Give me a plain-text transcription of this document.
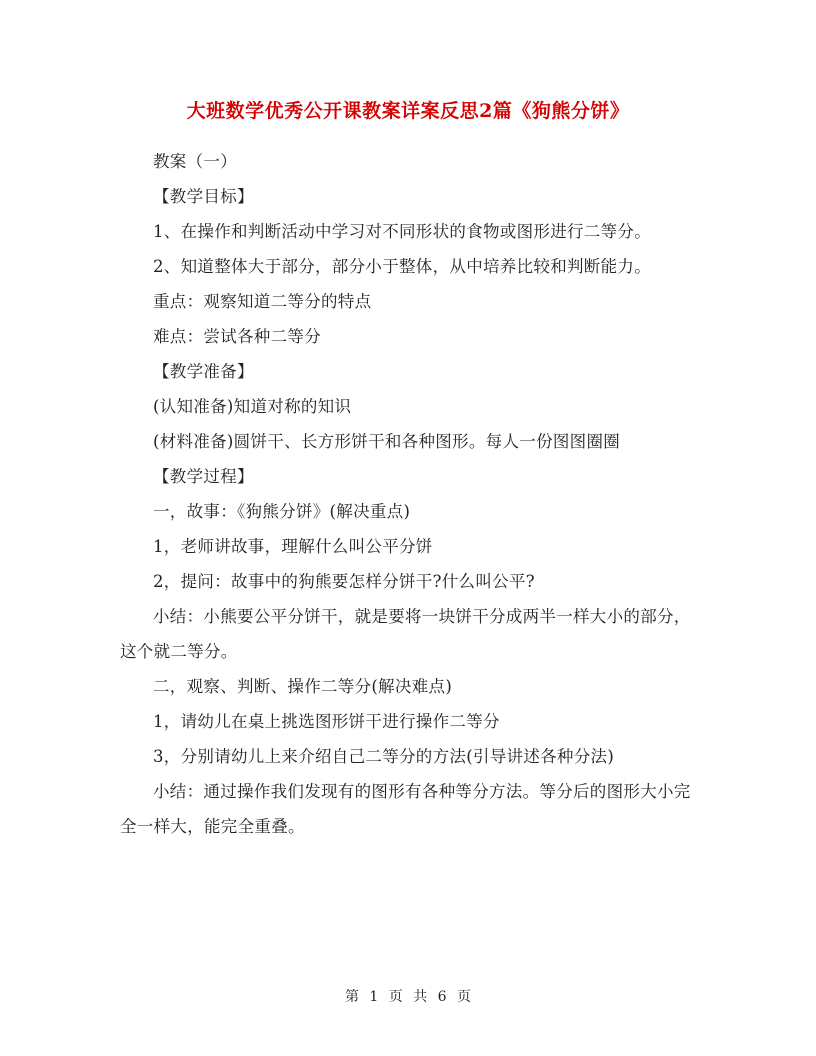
大班数学优秀公开课教案详案反思2篇《狗熊分饼》

教案（一）

【教学目标】

1、在操作和判断活动中学习对不同形状的食物或图形进行二等分。

2、知道整体大于部分，部分小于整体，从中培养比较和判断能力。

重点：观察知道二等分的特点

难点：尝试各种二等分

【教学准备】

(认知准备)知道对称的知识

(材料准备)圆饼干、长方形饼干和各种图形。每人一份图图圈圈

【教学过程】

一，故事：《狗熊分饼》(解决重点)

1，老师讲故事，理解什么叫公平分饼

2，提问：故事中的狗熊要怎样分饼干?什么叫公平?

小结：小熊要公平分饼干，就是要将一块饼干分成两半一样大小的部分，这个就二等分。

二，观察、判断、操作二等分(解决难点)

1，请幼儿在桌上挑选图形饼干进行操作二等分

3，分别请幼儿上来介绍自己二等分的方法(引导讲述各种分法)

小结：通过操作我们发现有的图形有各种等分方法。等分后的图形大小完全一样大，能完全重叠。

第 1 页 共 6 页
